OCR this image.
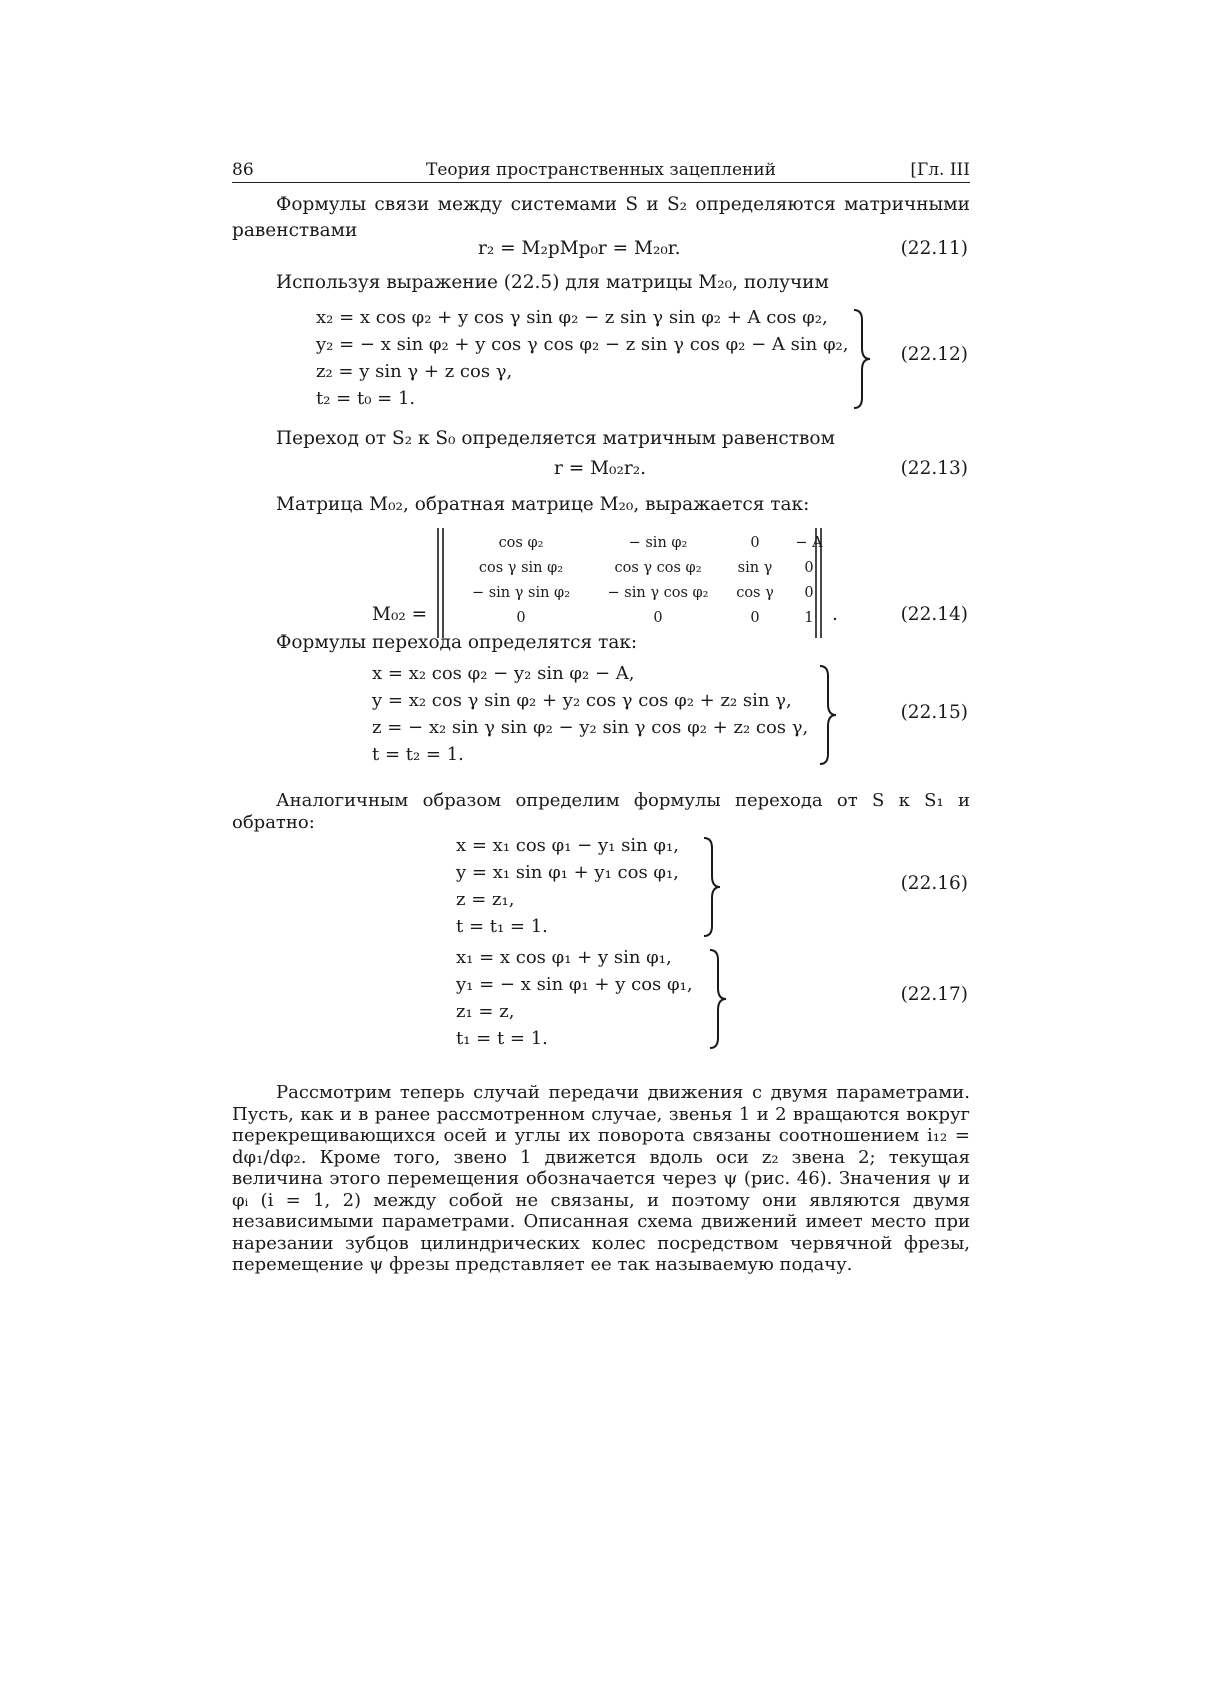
86	Теория пространственных зацеплений	[Гл. III
Формулы связи между системами S и S₂ определяются матричными равенствами
r₂ = M₂pMp₀r = M₂₀r.	(22.11)
Используя выражение (22.5) для матрицы M₂₀, получим
x₂ = x cos φ₂ + y cos γ sin φ₂ − z sin γ sin φ₂ + A cos φ₂,
y₂ = − x sin φ₂ + y cos γ cos φ₂ − z sin γ cos φ₂ − A sin φ₂,
z₂ = y sin γ + z cos γ,
t₂ = t₀ = 1.
(22.12)
Переход от S₂ к S₀ определяется матричным равенством
r = M₀₂r₂.	(22.13)
Матрица M₀₂, обратная матрице M₂₀, выражается так:
M₀₂ =
cos φ₂	− sin φ₂	0	− A
cos γ sin φ₂	cos γ cos φ₂	sin γ	0
− sin γ sin φ₂	− sin γ cos φ₂	cos γ	0
0	0	0	1 .	(22.14)
Формулы перехода определятся так:
x = x₂ cos φ₂ − y₂ sin φ₂ − A,
y = x₂ cos γ sin φ₂ + y₂ cos γ cos φ₂ + z₂ sin γ,
z = − x₂ sin γ sin φ₂ − y₂ sin γ cos φ₂ + z₂ cos γ,
t = t₂ = 1.
(22.15)
Аналогичным образом определим формулы перехода от S к S₁ и обратно:
x = x₁ cos φ₁ − y₁ sin φ₁,
y = x₁ sin φ₁ + y₁ cos φ₁,
z = z₁,
t = t₁ = 1.
(22.16)
x₁ = x cos φ₁ + y sin φ₁,
y₁ = − x sin φ₁ + y cos φ₁,
z₁ = z,
t₁ = t = 1.
(22.17)
Рассмотрим теперь случай передачи движения с двумя параметрами. Пусть, как и в ранее рассмотренном случае, звенья 1 и 2 вращаются вокруг перекрещивающихся осей и углы их поворота связаны соотношением i₁₂ = dφ₁/dφ₂. Кроме того, звено 1 движется вдоль оси z₂ звена 2; текущая величина этого перемещения обозначается через ψ (рис. 46). Значения ψ и φᵢ (i = 1, 2) между собой не связаны, и поэтому они являются двумя независимыми параметрами. Описанная схема движений имеет место при нарезании зубцов цилиндрических колес посредством червячной фрезы, перемещение ψ фрезы представляет ее так называемую подачу.
